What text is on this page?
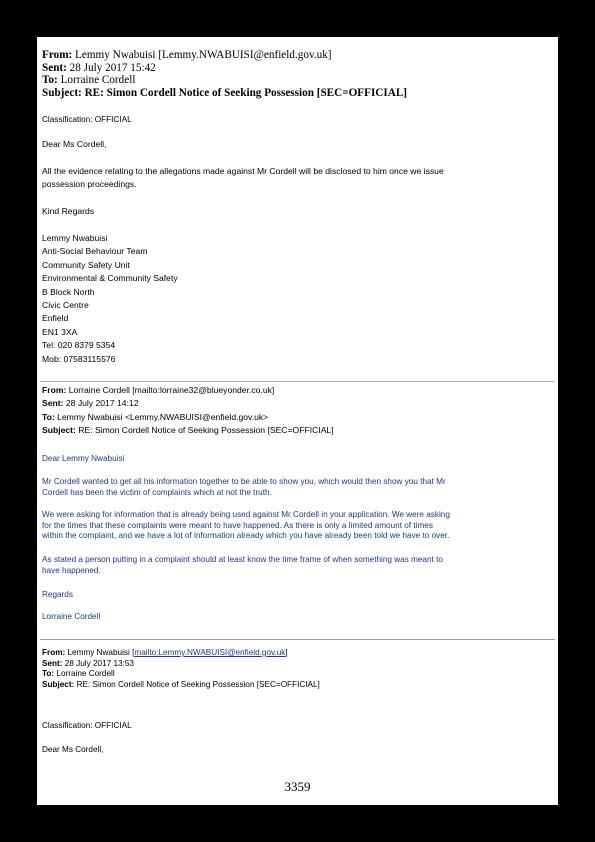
From: Lemmy Nwabuisi [Lemmy.NWABUISI@enfield.gov.uk]
Sent: 28 July 2017 15:42
To: Lorraine Cordell
Subject: RE: Simon Cordell Notice of Seeking Possession [SEC=OFFICIAL]
Classification: OFFICIAL
Dear Ms Cordell,
All the evidence relating to the allegations made against Mr Cordell will be disclosed to him once we issue
possession proceedings.
Kind Regards
Lemmy Nwabuisi
Anti-Social Behaviour Team
Community Safety Unit
Environmental & Community Safety
B Block North
Civic Centre
Enfield
EN1 3XA
Tel: 020 8379 5354
Mob: 07583115576
From: Lorraine Cordell [mailto:lorraine32@blueyonder.co.uk]
Sent: 28 July 2017 14:12
To: Lemmy Nwabuisi <Lemmy.NWABUISI@enfield.gov.uk>
Subject: RE: Simon Cordell Notice of Seeking Possession [SEC=OFFICIAL]
Dear Lemmy Nwabuisi
Mr Cordell wanted to get all his information together to be able to show you, which would then show you that Mr
Cordell has been the victim of complaints which at not the truth.
We were asking for information that is already being used against Mr Cordell in your application. We were asking
for the times that these complaints were meant to have happened. As there is only a limited amount of times
within the complaint, and we have a lot of information already which you have already been told we have to over.
As stated a person putting in a complaint should at least know the time frame of when something was meant to
have happened.
Regards
Lorraine Cordell
From: Lemmy Nwabuisi [mailto:Lemmy.NWABUISI@enfield.gov.uk]
Sent: 28 July 2017 13:53
To: Lorraine Cordell
Subject: RE: Simon Cordell Notice of Seeking Possession [SEC=OFFICIAL]
Classification: OFFICIAL
Dear Ms Cordell,
3359
